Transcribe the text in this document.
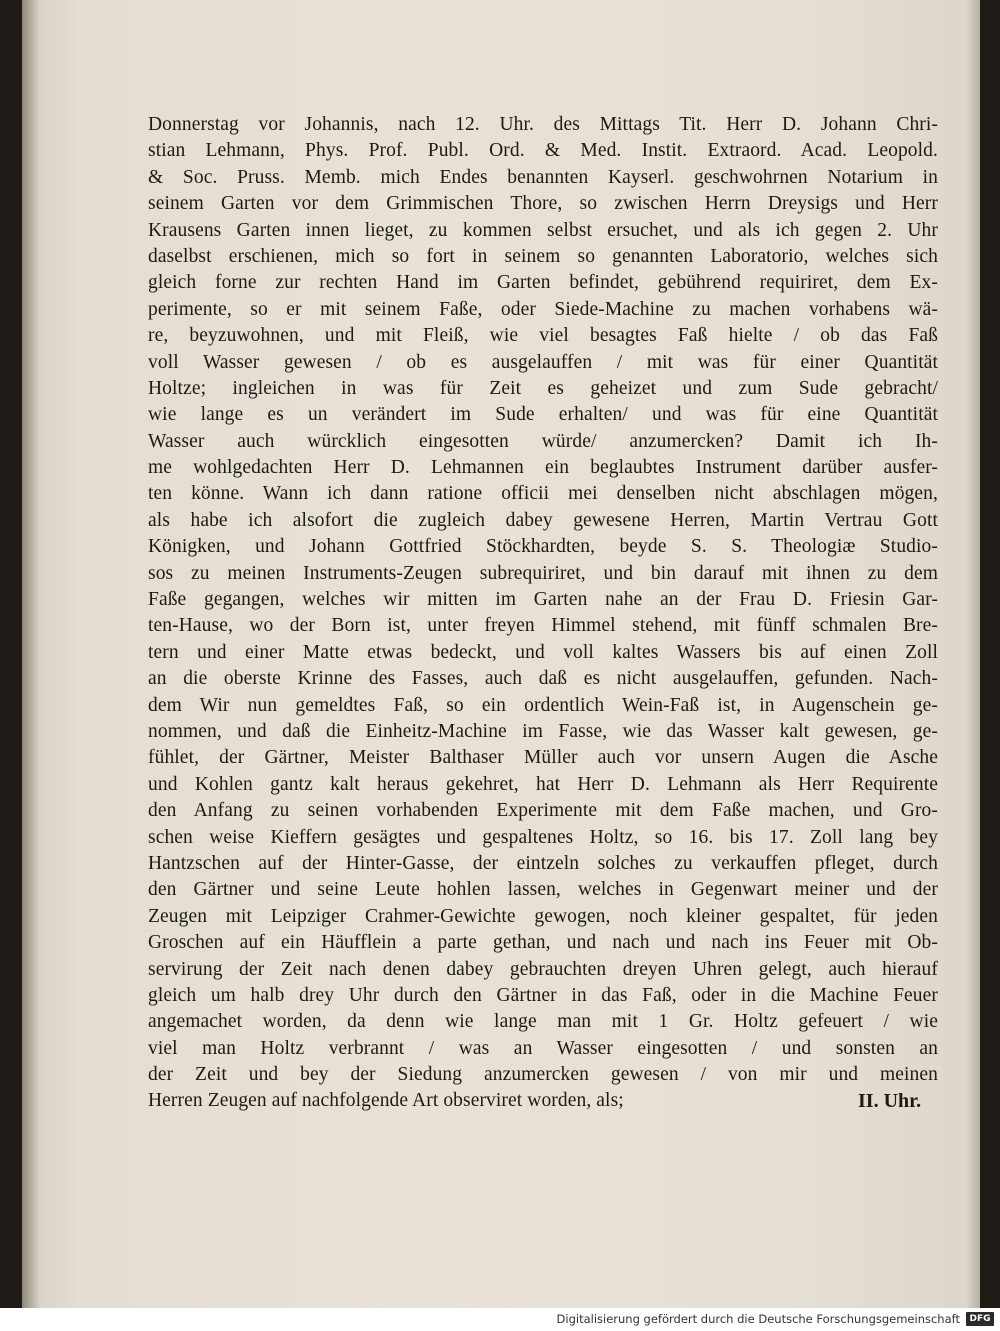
Donnerstag vor Johannis, nach 12. Uhr. des Mittags Tit. Herr D. Johann Chri-
stian Lehmann, Phys. Prof. Publ. Ord. & Med. Instit. Extraord. Acad. Leopold.
& Soc. Pruss. Memb. mich Endes benannten Kayserl. geschwohrnen Notarium in
seinem Garten vor dem Grimmischen Thore, so zwischen Herrn Dreysigs und Herr
Krausens Garten innen lieget, zu kommen selbst ersuchet, und als ich gegen 2. Uhr
daselbst erschienen, mich so fort in seinem so genannten Laboratorio, welches sich
gleich forne zur rechten Hand im Garten befindet, gebührend requiriret, dem Ex-
perimente, so er mit seinem Faße, oder Siede-Machine zu machen vorhabens wä-
re, beyzuwohnen, und mit Fleiß, wie viel besagtes Faß hielte / ob das Faß
voll Wasser gewesen / ob es ausgelauffen / mit was für einer Quantität
Holtze; ingleichen in was für Zeit es geheizet und zum Sude gebracht/
wie lange es un verändert im Sude erhalten/ und was für eine Quantität
Wasser auch würcklich eingesotten würde/ anzumercken? Damit ich Ih-
me wohlgedachten Herr D. Lehmannen ein beglaubtes Instrument darüber ausfer-
ten könne. Wann ich dann ratione officii mei denselben nicht abschlagen mögen,
als habe ich alsofort die zugleich dabey gewesene Herren, Martin Vertrau Gott
Königken, und Johann Gottfried Stöckhardten, beyde S. S. Theologiæ Studio-
sos zu meinen Instruments-Zeugen subrequiriret, und bin darauf mit ihnen zu dem
Faße gegangen, welches wir mitten im Garten nahe an der Frau D. Friesin Gar-
ten-Hause, wo der Born ist, unter freyen Himmel stehend, mit fünff schmalen Bre-
tern und einer Matte etwas bedeckt, und voll kaltes Wassers bis auf einen Zoll
an die oberste Krinne des Fasses, auch daß es nicht ausgelauffen, gefunden. Nach-
dem Wir nun gemeldtes Faß, so ein ordentlich Wein-Faß ist, in Augenschein ge-
nommen, und daß die Einheitz-Machine im Fasse, wie das Wasser kalt gewesen, ge-
fühlet, der Gärtner, Meister Balthaser Müller auch vor unsern Augen die Asche
und Kohlen gantz kalt heraus gekehret, hat Herr D. Lehmann als Herr Requirente
den Anfang zu seinen vorhabenden Experimente mit dem Faße machen, und Gro-
schen weise Kieffern gesägtes und gespaltenes Holtz, so 16. bis 17. Zoll lang bey
Hantzschen auf der Hinter-Gasse, der eintzeln solches zu verkauffen pfleget, durch
den Gärtner und seine Leute hohlen lassen, welches in Gegenwart meiner und der
Zeugen mit Leipziger Crahmer-Gewichte gewogen, noch kleiner gespaltet, für jeden
Groschen auf ein Häufflein a parte gethan, und nach und nach ins Feuer mit Ob-
servirung der Zeit nach denen dabey gebrauchten dreyen Uhren gelegt, auch hierauf
gleich um halb drey Uhr durch den Gärtner in das Faß, oder in die Machine Feuer
angemachet worden, da denn wie lange man mit 1 Gr. Holtz gefeuert / wie
viel man Holtz verbrannt / was an Wasser eingesotten / und sonsten an
der Zeit und bey der Siedung anzumercken gewesen / von mir und meinen
Herren Zeugen auf nachfolgende Art observiret worden, als;	II. Uhr.
Digitalisierung gefördert durch die Deutsche Forschungsgemeinschaft	DFG
